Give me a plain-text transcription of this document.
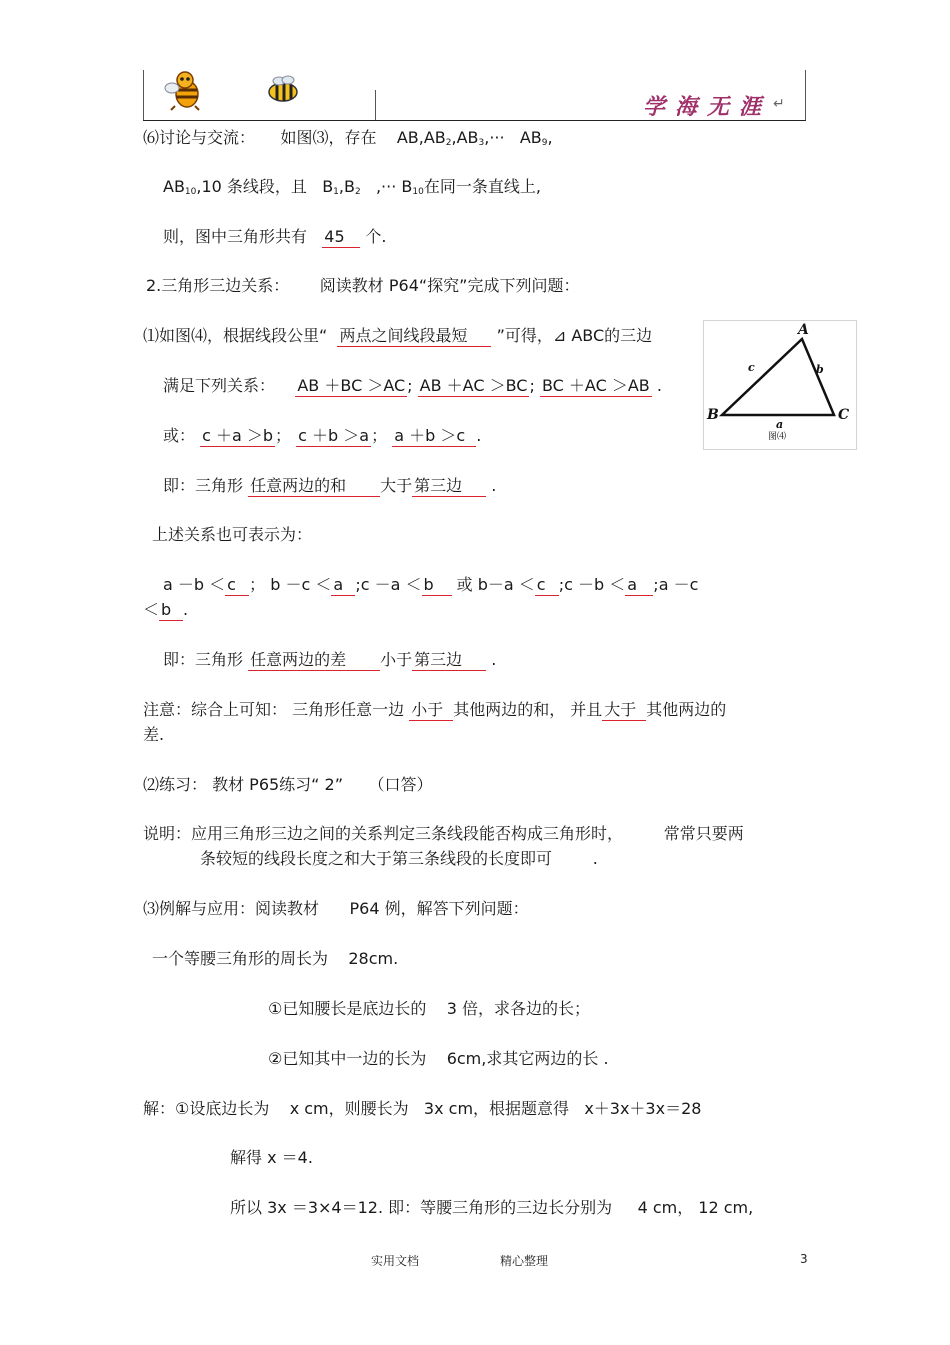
学海无涯 ↵
⑹讨论与交流： 如图⑶，存在 $AB,AB_2,AB_3,\cdot\cdot\cdot AB_9$,
$AB_{10},10$ 条线段，且 $B_1,B_2$ ,··· $B_{10}$在同一条直线上,
则，图中三角形共有 45 个.
2.三角形三边关系： 阅读教材 P64“探究”完成下列问题：
⑴如图⑷，根据线段公里“ 两点之间线段最短 ”可得，⊿ ABC的三边
满足下列关系： AB ＋BC ＞AC ; AB ＋AC ＞BC ; BC ＋AC ＞AB .
或： c ＋a ＞b ； c ＋b ＞a ； a ＋b ＞c .
即：三角形 任意两边的和 大于 第三边 .
上述关系也可表示为：
a －b ＜ c ； b －c ＜ a ;c －a ＜ b 或 b－a ＜ c ;c －b ＜ a ;a －c
＜ b .
即：三角形 任意两边的差 小于 第三边 .
注意：综合上可知： 三角形任意一边 小于 其他两边的和， 并且 大于 其他两边的
差.
⑵练习： 教材 P65练习“ 2” （口答）
说明：应用三角形三边之间的关系判定三条线段能否构成三角形时，	常常只要两
条较短的线段长度之和大于第三条线段的长度即可	.
⑶例解与应用：阅读教材 P64 例，解答下列问题：
一个等腰三角形的周长为 28cm.
①已知腰长是底边长的 3 倍，求各边的长；
②已知其中一边的长为 6cm,求其它两边的长 .
解：①设底边长为 x cm，则腰长为 3x cm，根据题意得 x＋3x＋3x＝28
解得 x ＝4.
所以 3x ＝3×4＝12. 即：等腰三角形的三边长分别为 4 cm， 12 cm,
A
B	C
a
b
c
图⑷
实用文档	精心整理	3
